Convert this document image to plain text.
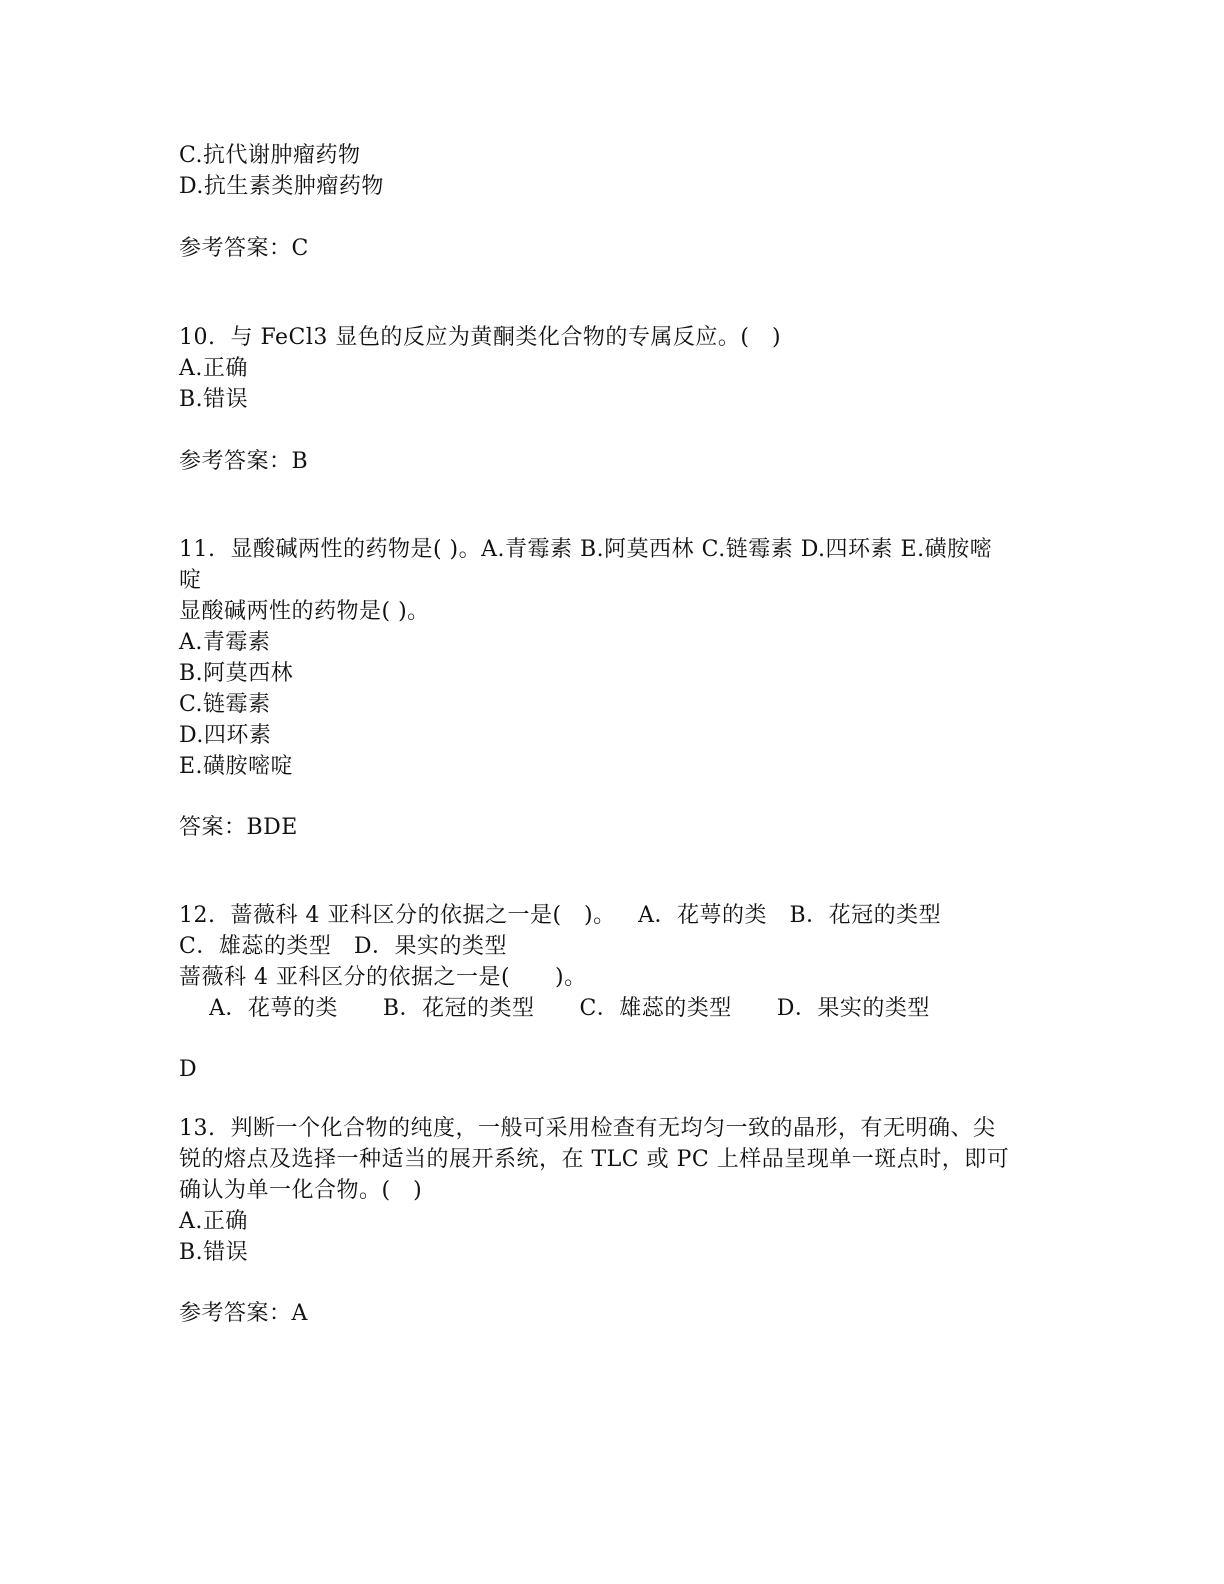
C.抗代谢肿瘤药物
D.抗生素类肿瘤药物
参考答案：C
10.  与 FeCl3 显色的反应为黄酮类化合物的专属反应。(   )
A.正确
B.错误
参考答案：B
11.  显酸碱两性的药物是( )。A.青霉素 B.阿莫西林 C.链霉素 D.四环素 E.磺胺嘧
啶
显酸碱两性的药物是( )。
A.青霉素
B.阿莫西林
C.链霉素
D.四环素
E.磺胺嘧啶
答案：BDE
12.  蔷薇科 4 亚科区分的依据之一是(   )。   A．花萼的类   B．花冠的类型
C．雄蕊的类型   D．果实的类型
蔷薇科 4 亚科区分的依据之一是(      )。
A．花萼的类      B．花冠的类型      C．雄蕊的类型      D．果实的类型
D
13.  判断一个化合物的纯度，一般可采用检查有无均匀一致的晶形，有无明确、尖
锐的熔点及选择一种适当的展开系统，在 TLC 或 PC 上样品呈现单一斑点时，即可
确认为单一化合物。(   )
A.正确
B.错误
参考答案：A
